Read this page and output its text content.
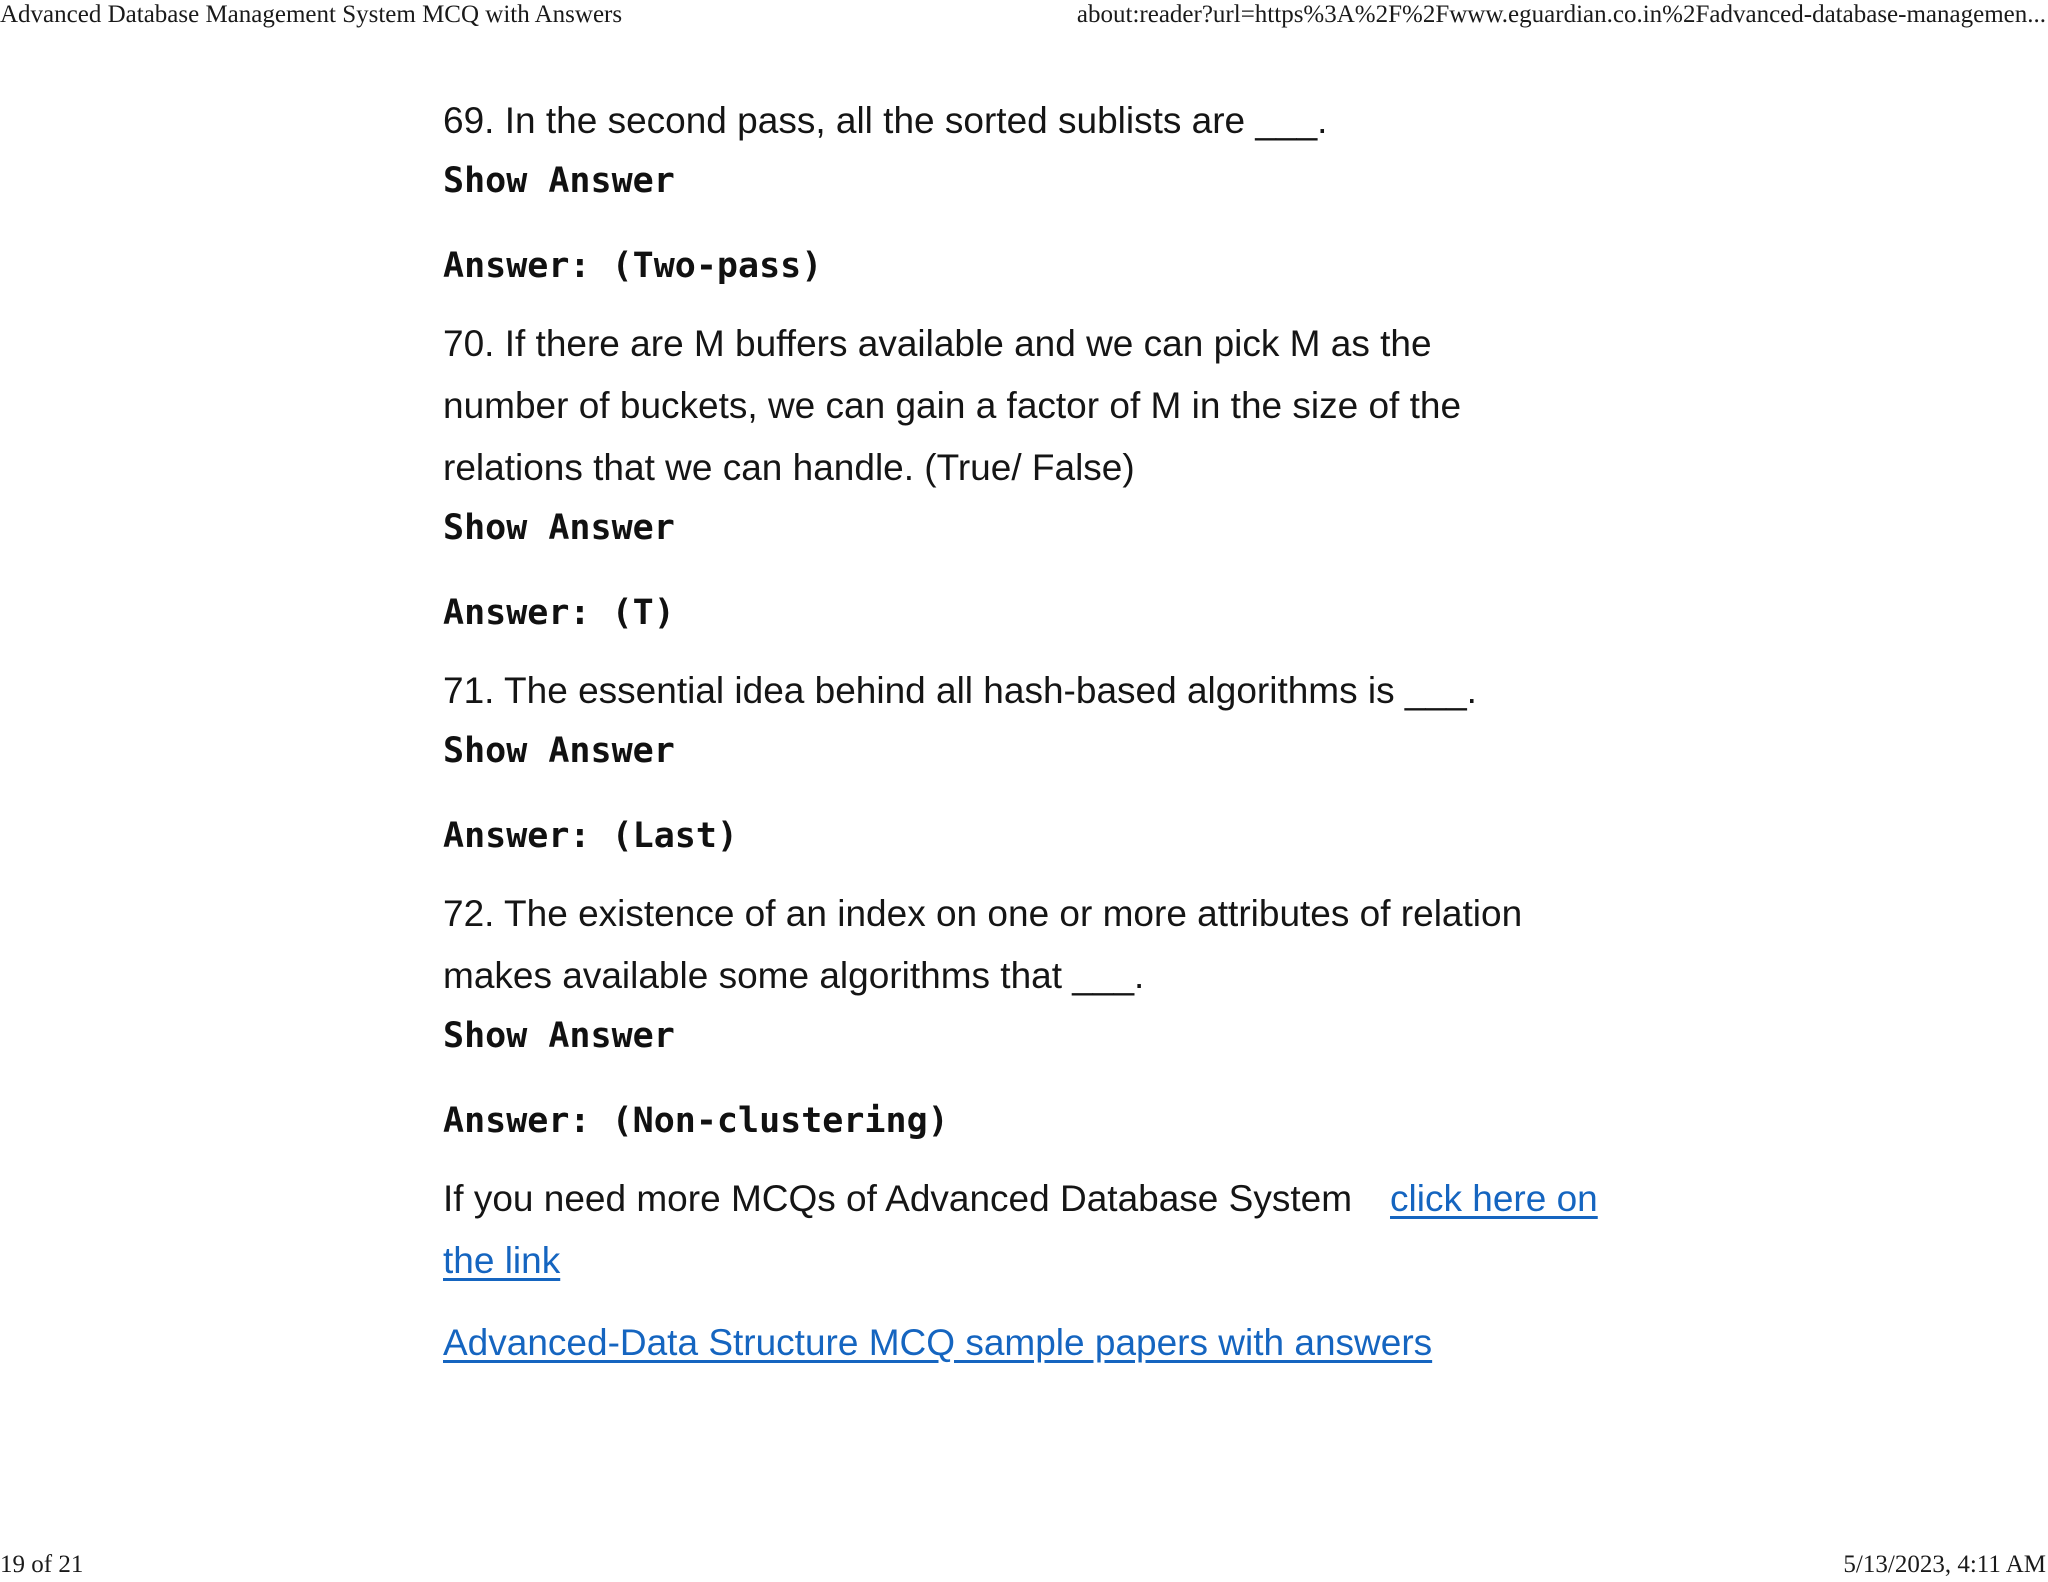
Advanced Database Management System MCQ with Answers	about:reader?url=https%3A%2F%2Fwww.eguardian.co.in%2Fadvanced-database-managemen...

69. In the second pass, all the sorted sublists are ___.

Show Answer
Answer: (Two-pass)

70. If there are M buffers available and we can pick M as the number of buckets, we can gain a factor of M in the size of the relations that we can handle. (True/ False)

Show Answer
Answer: (T)

71. The essential idea behind all hash-based algorithms is ___.

Show Answer
Answer: (Last)

72. The existence of an index on one or more attributes of relation makes available some algorithms that ___.

Show Answer
Answer: (Non-clustering)

If you need more MCQs of Advanced Database System click here on the link

Advanced-Data Structure MCQ sample papers with answers

19 of 21	5/13/2023, 4:11 AM
